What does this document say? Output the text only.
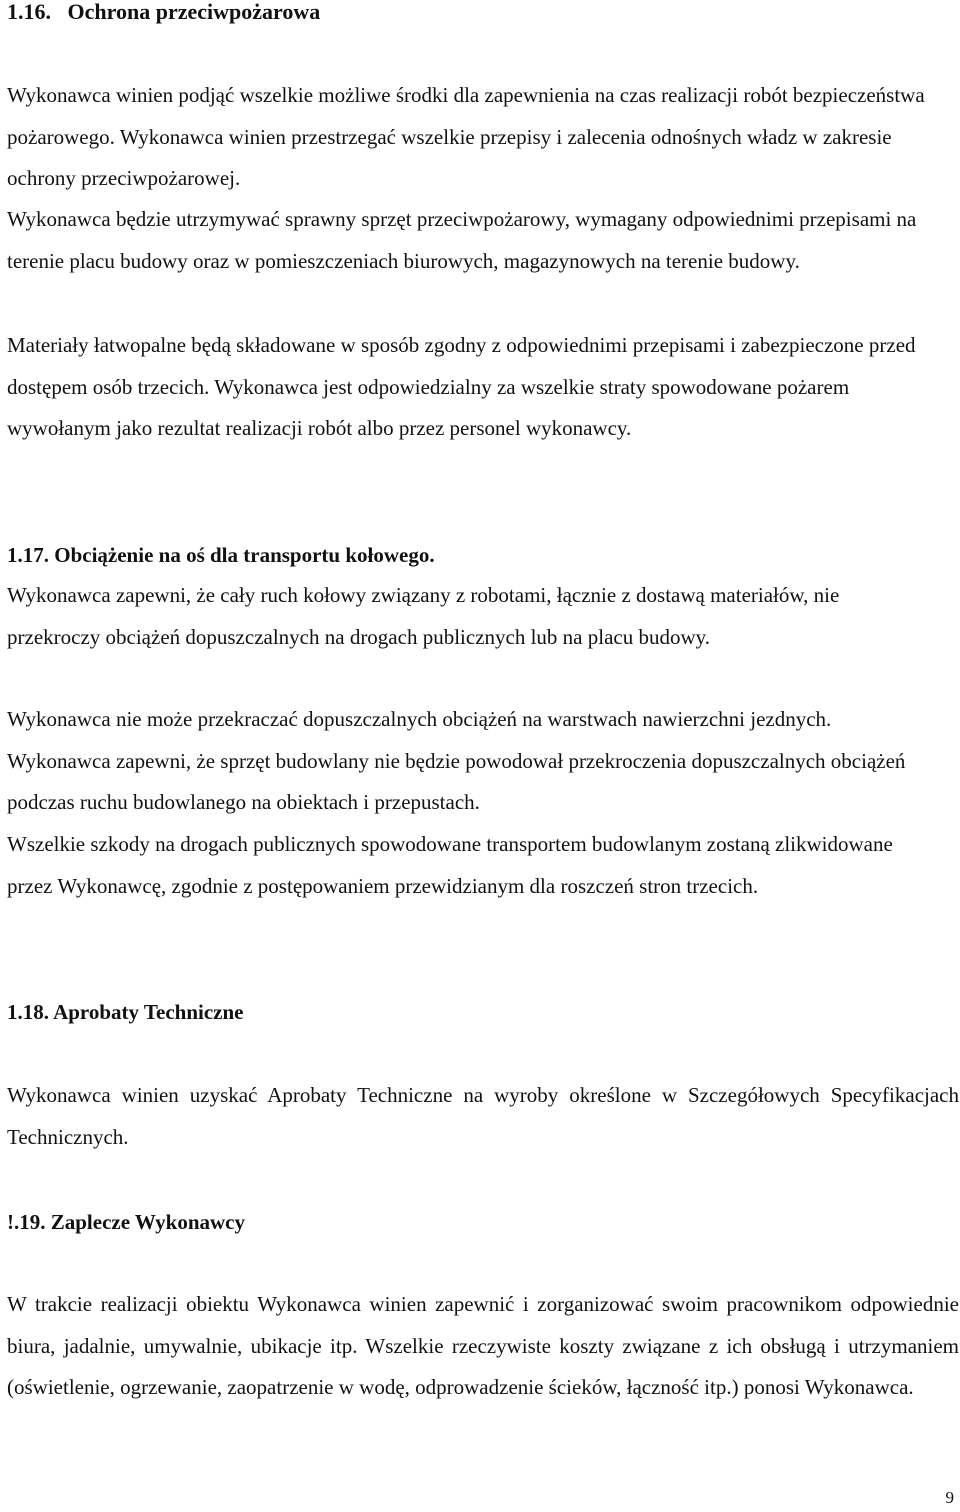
1.16.   Ochrona przeciwpożarowa

Wykonawca winien podjąć wszelkie możliwe środki dla zapewnienia na czas realizacji robót bezpieczeństwa pożarowego. Wykonawca winien przestrzegać wszelkie przepisy i zalecenia odnośnych władz w zakresie ochrony przeciwpożarowej.

Wykonawca będzie utrzymywać sprawny sprzęt przeciwpożarowy, wymagany odpowiednimi przepisami na terenie placu budowy oraz w pomieszczeniach biurowych, magazynowych na terenie budowy.

Materiały łatwopalne będą składowane w sposób zgodny z odpowiednimi przepisami i zabezpieczone przed dostępem osób trzecich. Wykonawca jest odpowiedzialny za wszelkie straty spowodowane pożarem wywołanym jako rezultat realizacji robót albo przez personel wykonawcy.

1.17. Obciążenie na oś dla transportu kołowego.

Wykonawca zapewni, że cały ruch kołowy związany z robotami, łącznie z dostawą materiałów, nie przekroczy obciążeń dopuszczalnych na drogach publicznych lub na placu budowy.

Wykonawca nie może przekraczać dopuszczalnych obciążeń na warstwach nawierzchni jezdnych. Wykonawca zapewni, że sprzęt budowlany nie będzie powodował przekroczenia dopuszczalnych obciążeń podczas ruchu budowlanego na obiektach i przepustach.

Wszelkie szkody na drogach publicznych spowodowane transportem budowlanym zostaną zlikwidowane przez Wykonawcę, zgodnie z postępowaniem przewidzianym dla roszczeń stron trzecich.

1.18. Aprobaty Techniczne

Wykonawca winien uzyskać Aprobaty Techniczne na wyroby określone w Szczegółowych Specyfikacjach Technicznych.

!.19. Zaplecze Wykonawcy

W trakcie realizacji obiektu Wykonawca winien zapewnić i zorganizować swoim pracownikom odpowiednie biura, jadalnie, umywalnie, ubikacje itp. Wszelkie rzeczywiste koszty związane z ich obsługą i utrzymaniem (oświetlenie, ogrzewanie, zaopatrzenie w wodę, odprowadzenie ścieków, łączność itp.) ponosi Wykonawca.

9
